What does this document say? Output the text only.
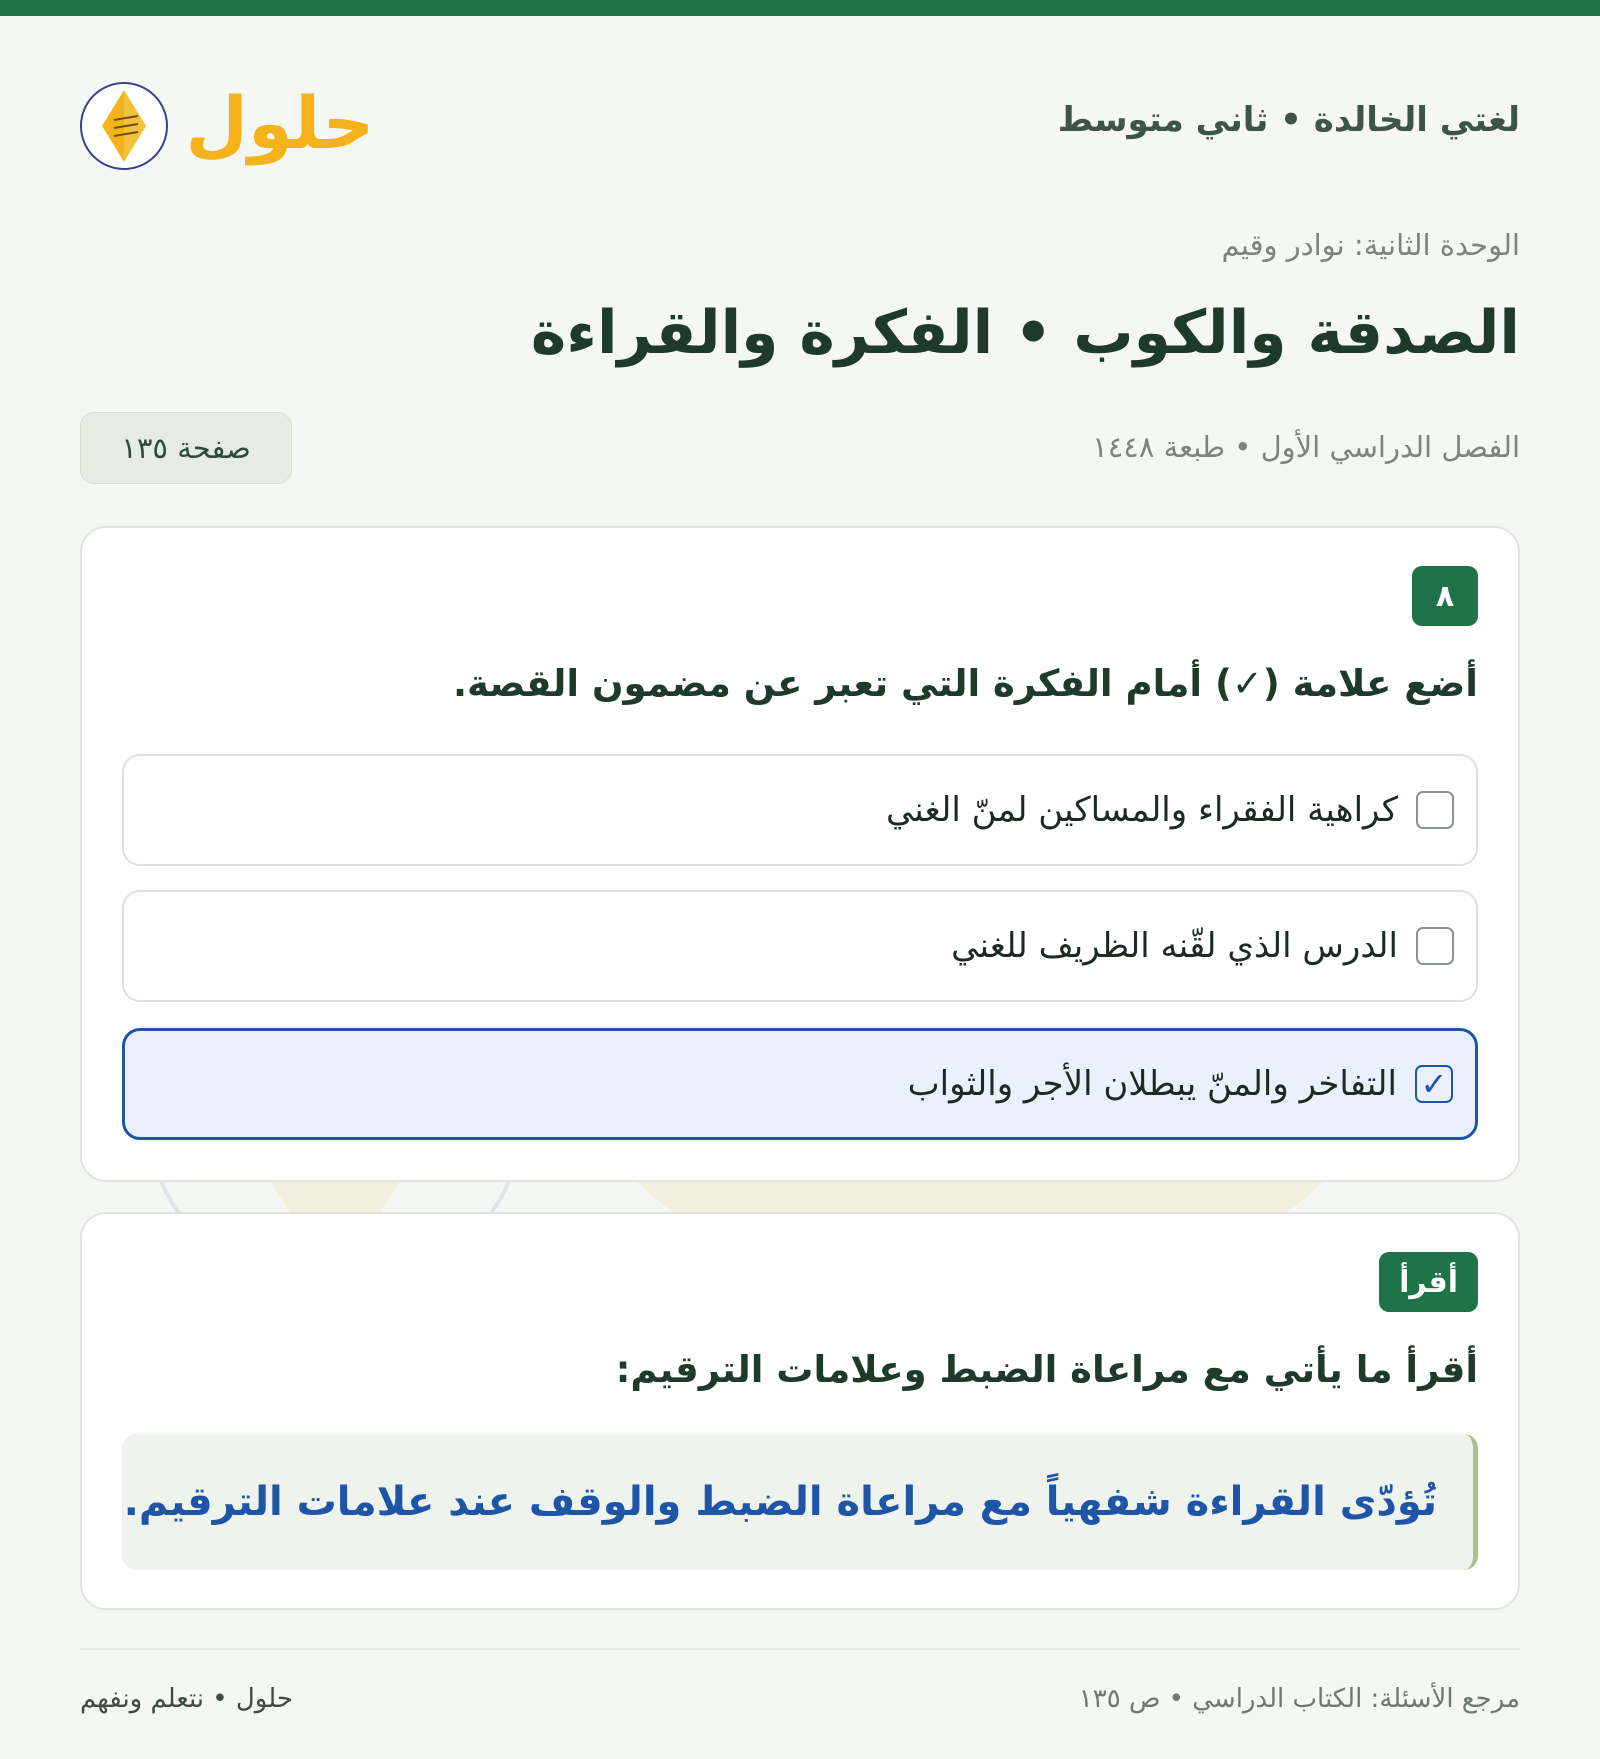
لغتي الخالدة • ثاني متوسط
حلول
الوحدة الثانية: نوادر وقيم
الصدقة والكوب • الفكرة والقراءة
الفصل الدراسي الأول • طبعة ١٤٤٨
صفحة ١٣٥
٨
أضع علامة (✓) أمام الفكرة التي تعبر عن مضمون القصة.
كراهية الفقراء والمساكين لمنّ الغني
الدرس الذي لقّنه الظريف للغني
✓
التفاخر والمنّ يبطلان الأجر والثواب
أقرأ
أقرأ ما يأتي مع مراعاة الضبط وعلامات الترقيم:
تُؤدّى القراءة شفهياً مع مراعاة الضبط والوقف عند علامات الترقيم.
مرجع الأسئلة: الكتاب الدراسي • ص ١٣٥
حلول • نتعلم ونفهم
